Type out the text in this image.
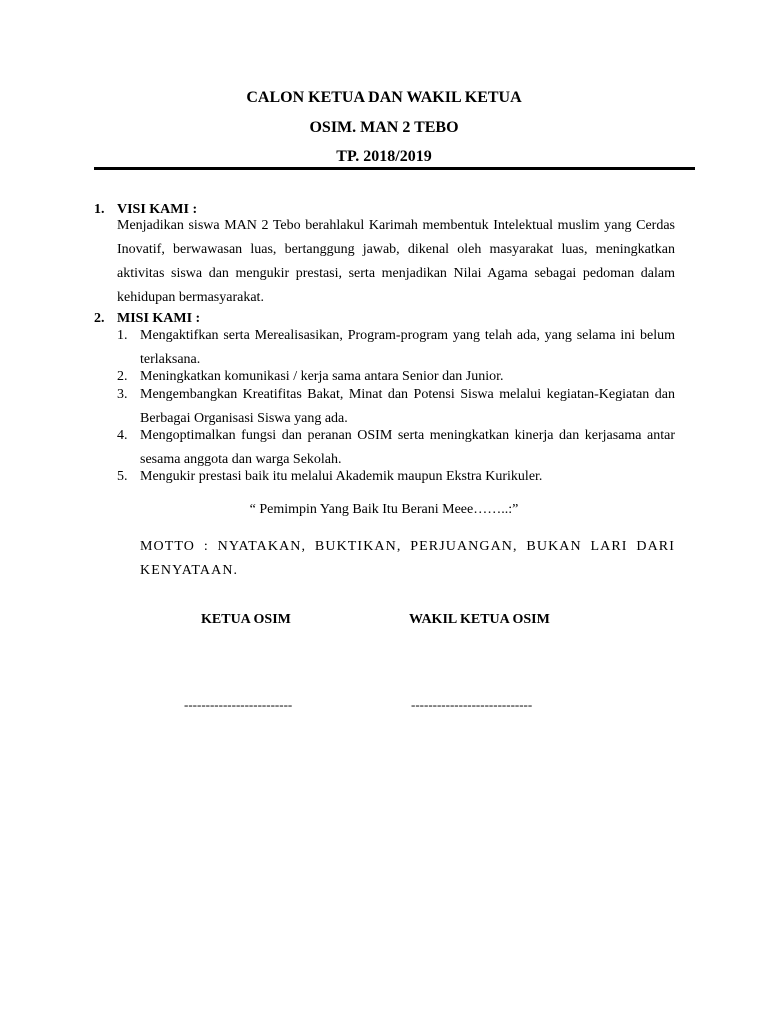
CALON KETUA DAN WAKIL KETUA
OSIM. MAN 2 TEBO
TP. 2018/2019
1. VISI KAMI :
Menjadikan siswa MAN 2 Tebo berahlakul Karimah membentuk Intelektual muslim yang Cerdas Inovatif, berwawasan luas, bertanggung jawab, dikenal oleh masyarakat luas, meningkatkan aktivitas siswa dan mengukir prestasi, serta menjadikan Nilai Agama sebagai pedoman dalam kehidupan bermasyarakat.
2. MISI KAMI :
1. Mengaktifkan serta Merealisasikan, Program-program yang telah ada, yang selama ini belum terlaksana.
2. Meningkatkan komunikasi / kerja sama antara Senior dan Junior.
3. Mengembangkan Kreatifitas Bakat, Minat dan Potensi Siswa melalui kegiatan-Kegiatan dan Berbagai Organisasi Siswa yang ada.
4. Mengoptimalkan fungsi dan peranan OSIM serta meningkatkan kinerja dan kerjasama antar sesama anggota dan warga Sekolah.
5. Mengukir prestasi baik itu melalui Akademik maupun Ekstra Kurikuler.
“ Pemimpin Yang Baik Itu Berani Meee……..:”
MOTTO : NYATAKAN, BUKTIKAN, PERJUANGAN, BUKAN LARI DARI KENYATAAN.
KETUA OSIM	WAKIL KETUA OSIM
-------------------------	----------------------------
